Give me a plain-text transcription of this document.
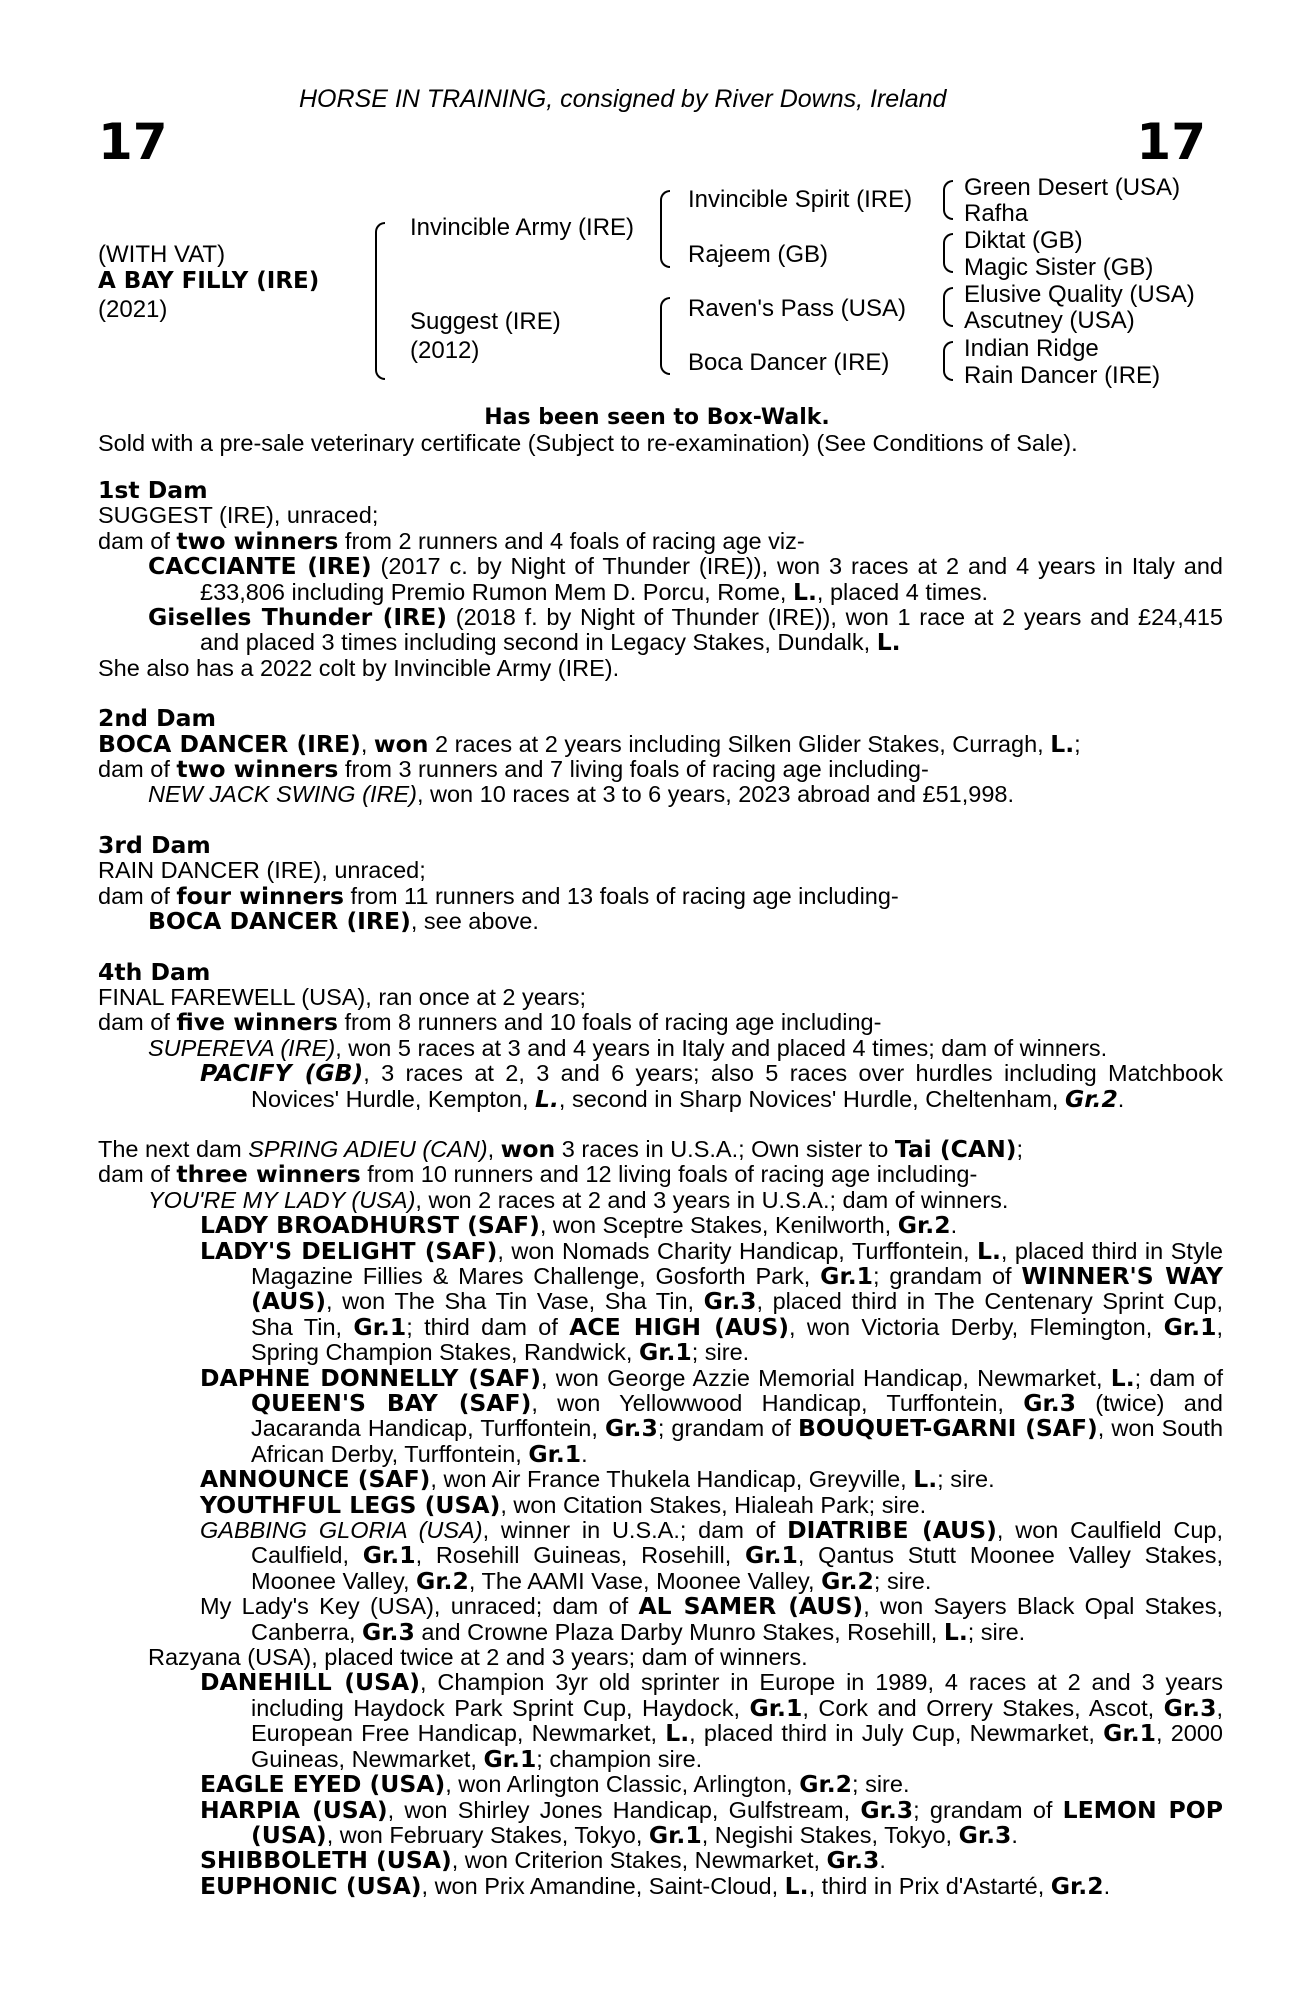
17	17
HORSE IN TRAINING, consigned by River Downs, Ireland
(WITH VAT)
A BAY FILLY (IRE)
(2021)
Invincible Army (IRE)
Suggest (IRE)
(2012)
Invincible Spirit (IRE)
Rajeem (GB)
Raven's Pass (USA)
Boca Dancer (IRE)
Green Desert (USA)
Rafha
Diktat (GB)
Magic Sister (GB)
Elusive Quality (USA)
Ascutney (USA)
Indian Ridge
Rain Dancer (IRE)
Has been seen to Box-Walk.
Sold with a pre-sale veterinary certificate (Subject to re-examination) (See Conditions of Sale).

1st Dam

SUGGEST (IRE), unraced;

dam of two winners from 2 runners and 4 foals of racing age viz-

CACCIANTE (IRE) (2017 c. by Night of Thunder (IRE)), won 3 races at 2 and 4 years in Italy and £33,806 including Premio Rumon Mem D. Porcu, Rome, L., placed 4 times.

Giselles Thunder (IRE) (2018 f. by Night of Thunder (IRE)), won 1 race at 2 years and £24,415 and placed 3 times including second in Legacy Stakes, Dundalk, L.

She also has a 2022 colt by Invincible Army (IRE).

2nd Dam

BOCA DANCER (IRE), won 2 races at 2 years including Silken Glider Stakes, Curragh, L.;

dam of two winners from 3 runners and 7 living foals of racing age including-

NEW JACK SWING (IRE), won 10 races at 3 to 6 years, 2023 abroad and £51,998.

3rd Dam

RAIN DANCER (IRE), unraced;

dam of four winners from 11 runners and 13 foals of racing age including-

BOCA DANCER (IRE), see above.

4th Dam

FINAL FAREWELL (USA), ran once at 2 years;

dam of five winners from 8 runners and 10 foals of racing age including-

SUPEREVA (IRE), won 5 races at 3 and 4 years in Italy and placed 4 times; dam of winners.

PACIFY (GB), 3 races at 2, 3 and 6 years; also 5 races over hurdles including Matchbook Novices' Hurdle, Kempton, L., second in Sharp Novices' Hurdle, Cheltenham, Gr.2.

The next dam SPRING ADIEU (CAN), won 3 races in U.S.A.; Own sister to Tai (CAN);

dam of three winners from 10 runners and 12 living foals of racing age including-

YOU'RE MY LADY (USA), won 2 races at 2 and 3 years in U.S.A.; dam of winners.

LADY BROADHURST (SAF), won Sceptre Stakes, Kenilworth, Gr.2.

LADY'S DELIGHT (SAF), won Nomads Charity Handicap, Turffontein, L., placed third in Style Magazine Fillies & Mares Challenge, Gosforth Park, Gr.1; grandam of WINNER'S WAY (AUS), won The Sha Tin Vase, Sha Tin, Gr.3, placed third in The Centenary Sprint Cup, Sha Tin, Gr.1; third dam of ACE HIGH (AUS), won Victoria Derby, Flemington, Gr.1, Spring Champion Stakes, Randwick, Gr.1; sire.

DAPHNE DONNELLY (SAF), won George Azzie Memorial Handicap, Newmarket, L.; dam of QUEEN'S BAY (SAF), won Yellowwood Handicap, Turffontein, Gr.3 (twice) and Jacaranda Handicap, Turffontein, Gr.3; grandam of BOUQUET-GARNI (SAF), won South African Derby, Turffontein, Gr.1.

ANNOUNCE (SAF), won Air France Thukela Handicap, Greyville, L.; sire.

YOUTHFUL LEGS (USA), won Citation Stakes, Hialeah Park; sire.

GABBING GLORIA (USA), winner in U.S.A.; dam of DIATRIBE (AUS), won Caulfield Cup, Caulfield, Gr.1, Rosehill Guineas, Rosehill, Gr.1, Qantus Stutt Moonee Valley Stakes, Moonee Valley, Gr.2, The AAMI Vase, Moonee Valley, Gr.2; sire.

My Lady's Key (USA), unraced; dam of AL SAMER (AUS), won Sayers Black Opal Stakes, Canberra, Gr.3 and Crowne Plaza Darby Munro Stakes, Rosehill, L.; sire.

Razyana (USA), placed twice at 2 and 3 years; dam of winners.

DANEHILL (USA), Champion 3yr old sprinter in Europe in 1989, 4 races at 2 and 3 years including Haydock Park Sprint Cup, Haydock, Gr.1, Cork and Orrery Stakes, Ascot, Gr.3, European Free Handicap, Newmarket, L., placed third in July Cup, Newmarket, Gr.1, 2000 Guineas, Newmarket, Gr.1; champion sire.

EAGLE EYED (USA), won Arlington Classic, Arlington, Gr.2; sire.

HARPIA (USA), won Shirley Jones Handicap, Gulfstream, Gr.3; grandam of LEMON POP (USA), won February Stakes, Tokyo, Gr.1, Negishi Stakes, Tokyo, Gr.3.

SHIBBOLETH (USA), won Criterion Stakes, Newmarket, Gr.3.

EUPHONIC (USA), won Prix Amandine, Saint-Cloud, L., third in Prix d'Astarté, Gr.2.
